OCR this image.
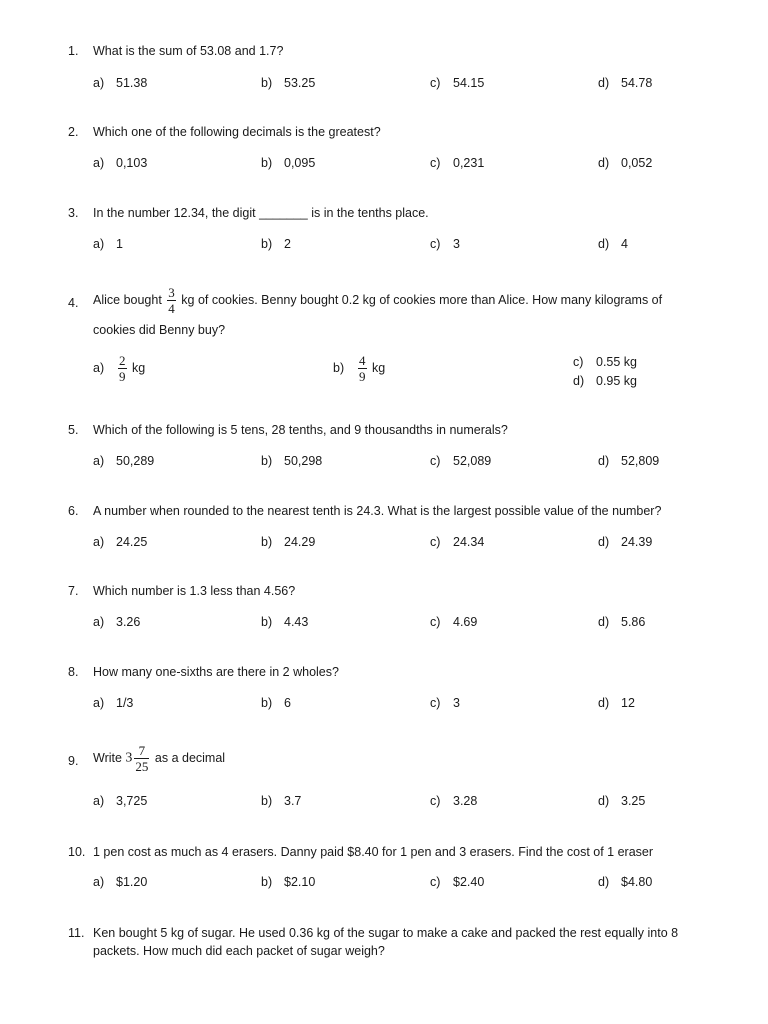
1. What is the sum of 53.08 and 1.7?
a) 51.38	b) 53.25	c) 54.15	d) 54.78
2. Which one of the following decimals is the greatest?
a) 0,103	b) 0,095	c) 0,231	d) 0,052
3. In the number 12.34, the digit _______ is in the tenths place.
a) 1	b) 2	c) 3	d) 4
4. Alice bought $\frac{3}{4}$ kg of cookies. Benny bought 0.2 kg of cookies more than Alice. How many kilograms of
cookies did Benny buy?
$a) \frac{2}{9}$ kg	$b) \frac{4}{9}$ kg	c) 0.55 kg
d) 0.95 kg
5. Which of the following is 5 tens, 28 tenths, and 9 thousandths in numerals?
a) 50,289	b) 50,298	c) 52,089	d) 52,809
6. A number when rounded to the nearest tenth is 24.3. What is the largest possible value of the number?
a) 24.25	b) 24.29	c) 24.34	d) 24.39
7. Which number is 1.3 less than 4.56?
a) 3.26	b) 4.43	c) 4.69	d) 5.86
8. How many one-sixths are there in 2 wholes?
a) 1/3	b) 6	c) 3	d) 12
9. Write $3 \frac{7}{25}$ as a decimal
a) 3,725	b) 3.7	c) 3.28	d) 3.25
10. 1 pen cost as much as 4 erasers. Danny paid $8.40 for 1 pen and 3 erasers. Find the cost of 1 eraser
a) $1.20	b) $2.10	c) $2.40	d) $4.80
11. Ken bought 5 kg of sugar. He used 0.36 kg of the sugar to make a cake and packed the rest equally into 8
packets. How much did each packet of sugar weigh?
